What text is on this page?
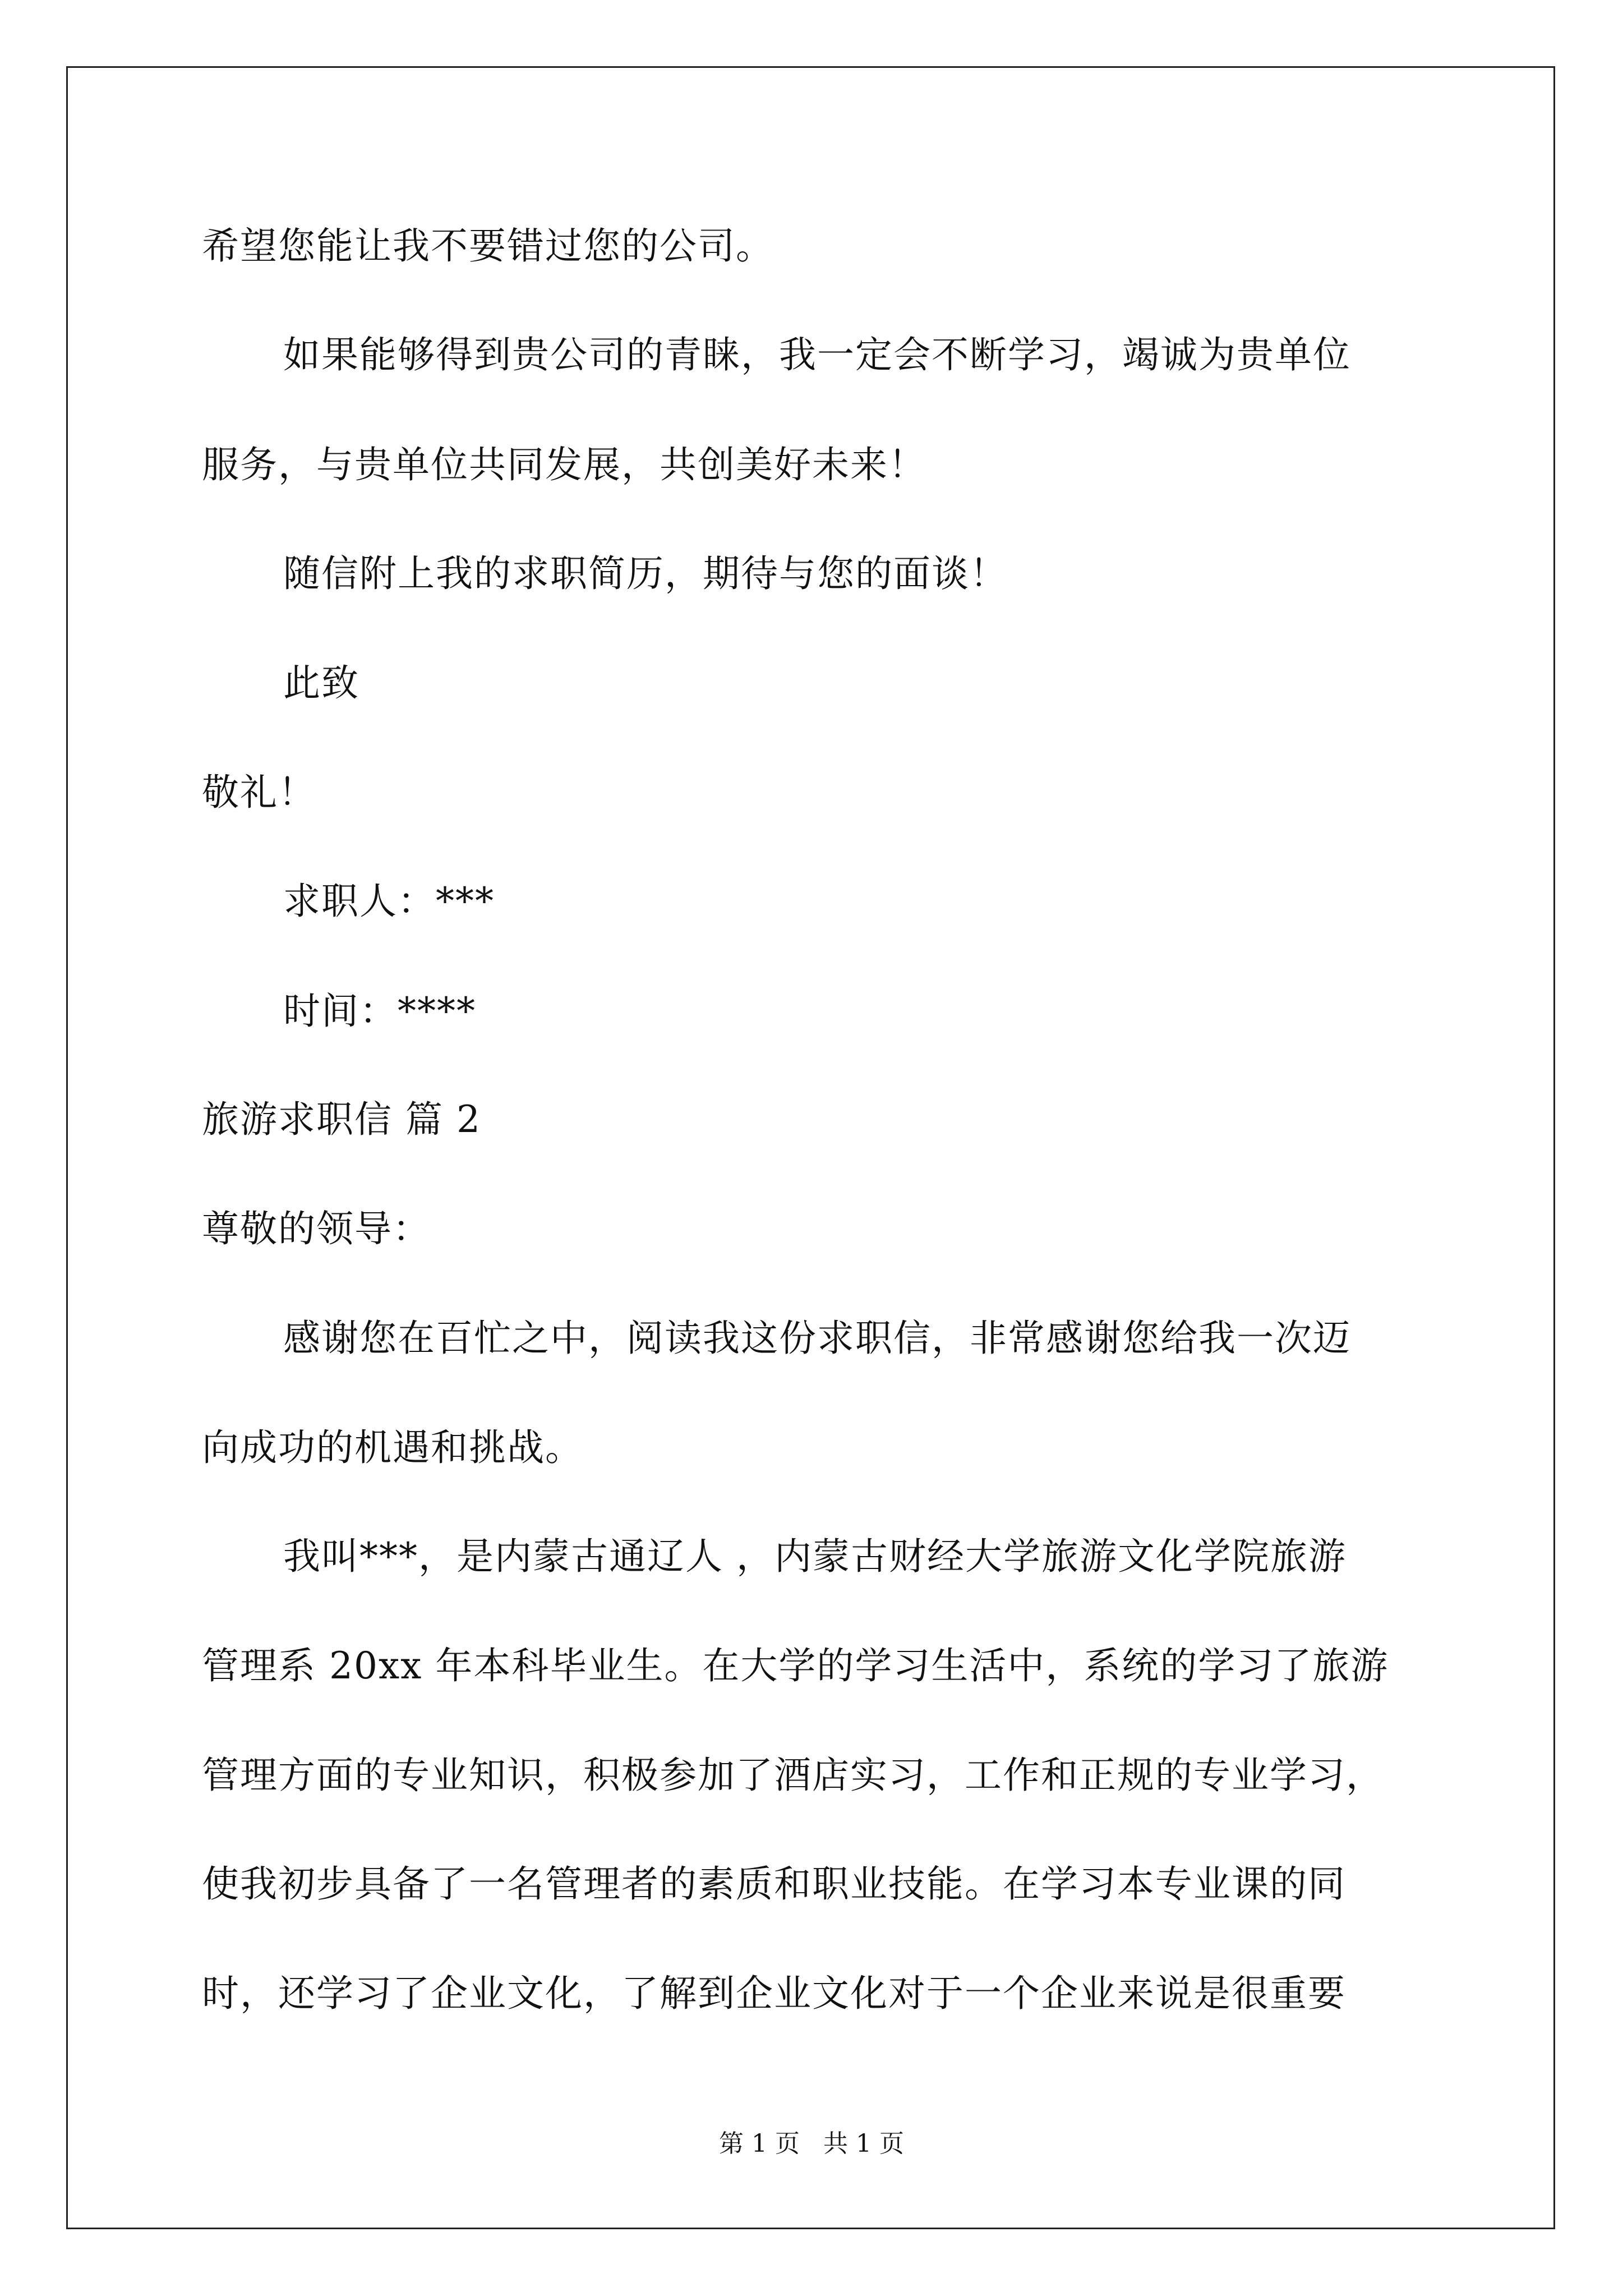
希望您能让我不要错过您的公司。
如果能够得到贵公司的青睐，我一定会不断学习，竭诚为贵单位
服务，与贵单位共同发展，共创美好未来！
随信附上我的求职简历，期待与您的面谈！
此致
敬礼！
求职人：***
时间：****
旅游求职信 篇 2
尊敬的领导：
感谢您在百忙之中，阅读我这份求职信，非常感谢您给我一次迈
向成功的机遇和挑战。
我叫***，是内蒙古通辽人 ，内蒙古财经大学旅游文化学院旅游
管理系 20xx 年本科毕业生。在大学的学习生活中，系统的学习了旅游
管理方面的专业知识，积极参加了酒店实习，工作和正规的专业学习，
使我初步具备了一名管理者的素质和职业技能。在学习本专业课的同
时，还学习了企业文化，了解到企业文化对于一个企业来说是很重要
第 1 页   共 1 页
